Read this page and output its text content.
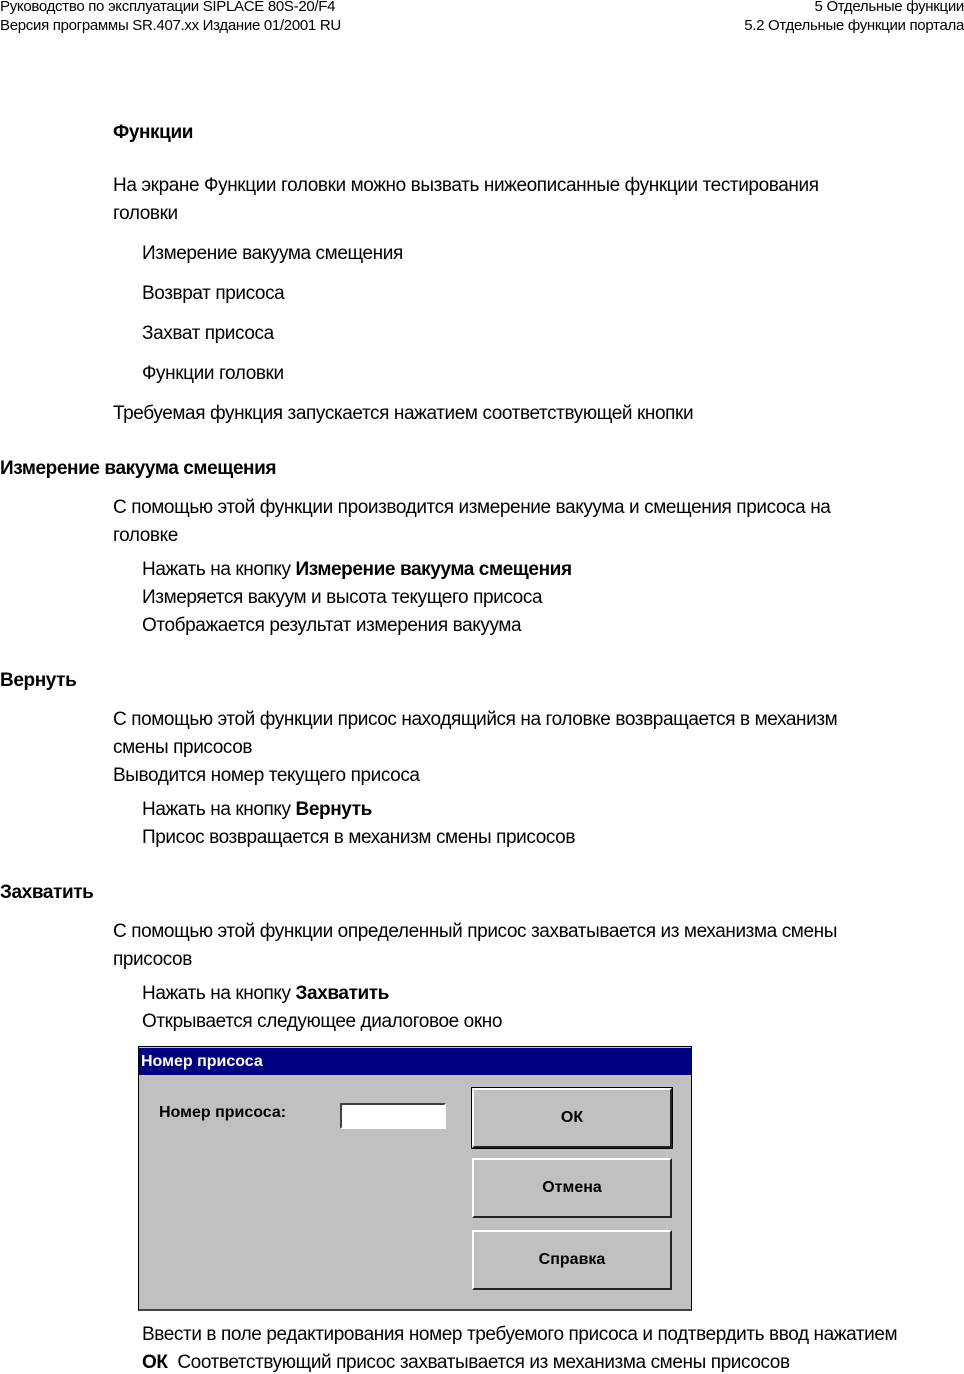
Руководство по эксплуатации SIPLACE 80S-20/F4
Версия программы SR.407.xx Издание 01/2001 RU
5 Отдельные функции
5.2 Отдельные функции портала
Функции
На экране Функции головки можно вызвать нижеописанные функции тестирования
головки
Измерение вакуума смещения
Возврат присоса
Захват присоса
Функции головки
Требуемая функция запускается нажатием соответствующей кнопки
Измерение вакуума смещения
С помощью этой функции производится измерение вакуума и смещения присоса на
головке
Нажать на кнопку Измерение вакуума смещения
Измеряется вакуум и высота текущего присоса
Отображается результат измерения вакуума
Вернуть
С помощью этой функции присос находящийся на головке возвращается в механизм
смены присосов
Выводится номер текущего присоса
Нажать на кнопку Вернуть
Присос возвращается в механизм смены присосов
Захватить
С помощью этой функции определенный присос захватывается из механизма смены
присосов
Нажать на кнопку Захватить
Открывается следующее диалоговое окно
Номер присоса
Номер присоса:	ОК
Отмена
Справка
Ввести в поле редактирования номер требуемого присоса и подтвердить ввод нажатием
ОК  Соответствующий присос захватывается из механизма смены присосов
